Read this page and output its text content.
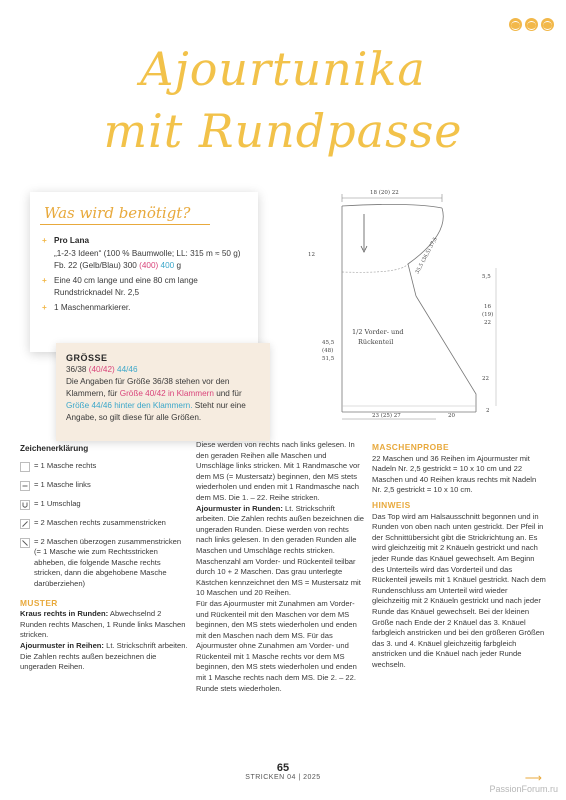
Ajourtunika
mit Rundpasse
Was wird benötigt?
+ Pro Lana
„1-2-3 Ideen“ (100 % Baumwolle; LL: 315 m ≈ 50 g) Fb. 22 (Gelb/Blau) 300 (400) 400 g
+ Eine 40 cm lange und eine 80 cm lange Rundstricknadel Nr. 2,5
+ 1 Maschenmarkierer.
GRÖSSE
36/38 (40/42) 44/46
Die Angaben für Größe 36/38 stehen vor den Klammern, für Größe 40/42 in Klammern und für Größe 44/46 hinter den Klammern. Steht nur eine Angabe, so gilt diese für alle Größen.
18 (20) 22
12	35,5 (36,5) 37,5
5,5
16
(19)
22
22
2
45,5
(48)
51,5
1/2 Vorder- und
Rückenteil
23 (25) 27	20
Zeichenerklärung
= 1 Masche rechts
= 1 Masche links
= 1 Umschlag
= 2 Maschen rechts zusammenstricken
= 2 Maschen überzogen zusammenstricken (= 1 Masche wie zum Rechtsstricken abheben, die folgende Masche rechts stricken, dann die abgehobene Masche darüberziehen)
MUSTER
Kraus rechts in Runden: Abwechselnd 2 Runden rechts Maschen, 1 Runde links Maschen stricken.
Ajourmuster in Reihen: Lt. Strickschrift arbeiten. Die Zahlen rechts außen bezeichnen die ungeraden Reihen.
Diese werden von rechts nach links gelesen. In den geraden Reihen alle Maschen und Umschläge links stricken. Mit 1 Randmasche vor dem MS (= Mustersatz) beginnen, den MS stets wiederholen und enden mit 1 Randmasche nach dem MS. Die 1. – 22. Reihe stricken.
Ajourmuster in Runden: Lt. Strickschrift arbeiten. Die Zahlen rechts außen bezeichnen die ungeraden Runden. Diese werden von rechts nach links gelesen. In den geraden Runden alle Maschen und Umschläge rechts stricken. Maschenzahl am Vorder- und Rückenteil teilbar durch 10 + 2 Maschen. Das grau unterlegte Kästchen kennzeichnet den MS = Mustersatz mit 10 Maschen und 20 Reihen.
Für das Ajourmuster mit Zunahmen am Vorder- und Rückenteil mit den Maschen vor dem MS beginnen, den MS stets wiederholen und enden mit den Maschen nach dem MS. Für das Ajourmuster ohne Zunahmen am Vorder- und Rückenteil mit 1 Masche rechts vor dem MS beginnen, den MS stets wiederholen und enden mit 1 Masche rechts nach dem MS. Die 2. – 22. Runde stets wiederholen.
MASCHENPROBE
22 Maschen und 36 Reihen im Ajourmuster mit Nadeln Nr. 2,5 gestrickt = 10 x 10 cm und 22 Maschen und 40 Reihen kraus rechts mit Nadeln Nr. 2,5 gestrickt = 10 x 10 cm.
HINWEIS
Das Top wird am Halsausschnitt begonnen und in Runden von oben nach unten gestrickt. Der Pfeil in der Schnittübersicht gibt die Strickrichtung an. Es wird gleichzeitig mit 2 Knäueln gestrickt und nach jeder Runde das Knäuel gewechselt. Am Beginn des Unterteils wird das Vorderteil und das Rückenteil jeweils mit 1 Knäuel gestrickt. Nach dem Rundenschluss am Unterteil wird wieder gleichzeitig mit 2 Knäueln gestrickt und nach jeder Runde das Knäuel gewechselt. Bei der kleinen Größe nach Ende der 2 Knäuel das 3. Knäuel farbgleich anstricken und bei den größeren Größen das 3. und 4. Knäuel gleichzeitig farbgleich anstricken und die Knäuel nach jeder Runde wechseln.
65
STRICKEN 04 | 2025	⟶
PassionForum.ru
